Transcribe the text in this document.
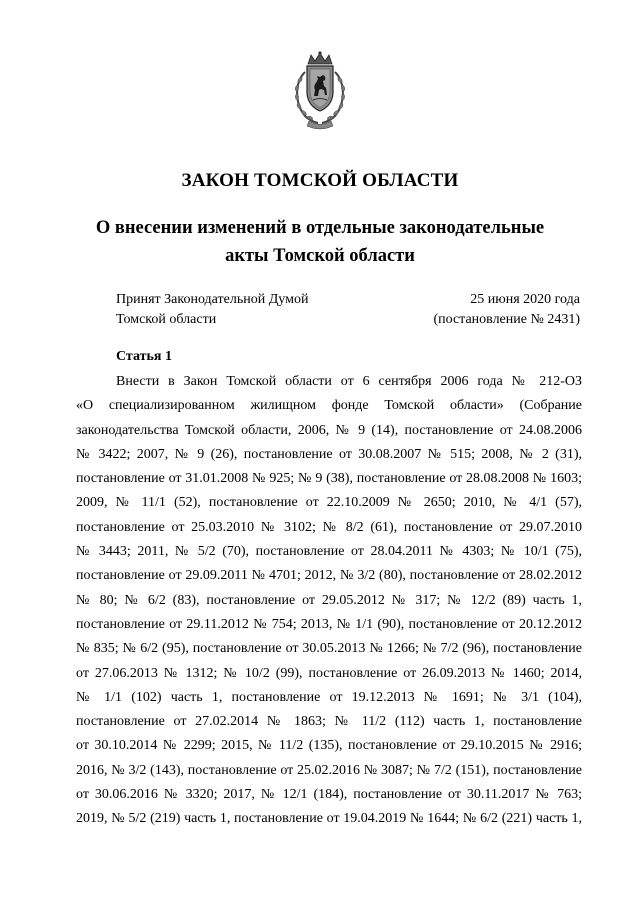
ЗАКОН ТОМСКОЙ ОБЛАСТИ
О внесении изменений в отдельные законодательные
акты Томской области
Принят Законодательной Думой
Томской области
25 июня 2020 года
(постановление № 2431)
Статья 1
Внести в Закон Томской области от 6 сентября 2006 года № 212-ОЗ
«О специализированном жилищном фонде Томской области» (Собрание
законодательства Томской области, 2006, № 9 (14), постановление от 24.08.2006
№ 3422; 2007, № 9 (26), постановление от 30.08.2007 № 515; 2008, № 2 (31),
постановление от 31.01.2008 № 925; № 9 (38), постановление от 28.08.2008 № 1603;
2009, № 11/1 (52), постановление от 22.10.2009 № 2650; 2010, № 4/1 (57),
постановление от 25.03.2010 № 3102; № 8/2 (61), постановление от 29.07.2010
№ 3443; 2011, № 5/2 (70), постановление от 28.04.2011 № 4303; № 10/1 (75),
постановление от 29.09.2011 № 4701; 2012, № 3/2 (80), постановление от 28.02.2012
№ 80; № 6/2 (83), постановление от 29.05.2012 № 317; № 12/2 (89) часть 1,
постановление от 29.11.2012 № 754; 2013, № 1/1 (90), постановление от 20.12.2012
№ 835; № 6/2 (95), постановление от 30.05.2013 № 1266; № 7/2 (96), постановление
от 27.06.2013 № 1312; № 10/2 (99), постановление от 26.09.2013 № 1460; 2014,
№ 1/1 (102) часть 1, постановление от 19.12.2013 № 1691; № 3/1 (104),
постановление от 27.02.2014 № 1863; № 11/2 (112) часть 1, постановление
от 30.10.2014 № 2299; 2015, № 11/2 (135), постановление от 29.10.2015 № 2916;
2016, № 3/2 (143), постановление от 25.02.2016 № 3087; № 7/2 (151), постановление
от 30.06.2016 № 3320; 2017, № 12/1 (184), постановление от 30.11.2017 № 763;
2019, № 5/2 (219) часть 1, постановление от 19.04.2019 № 1644; № 6/2 (221) часть 1,
